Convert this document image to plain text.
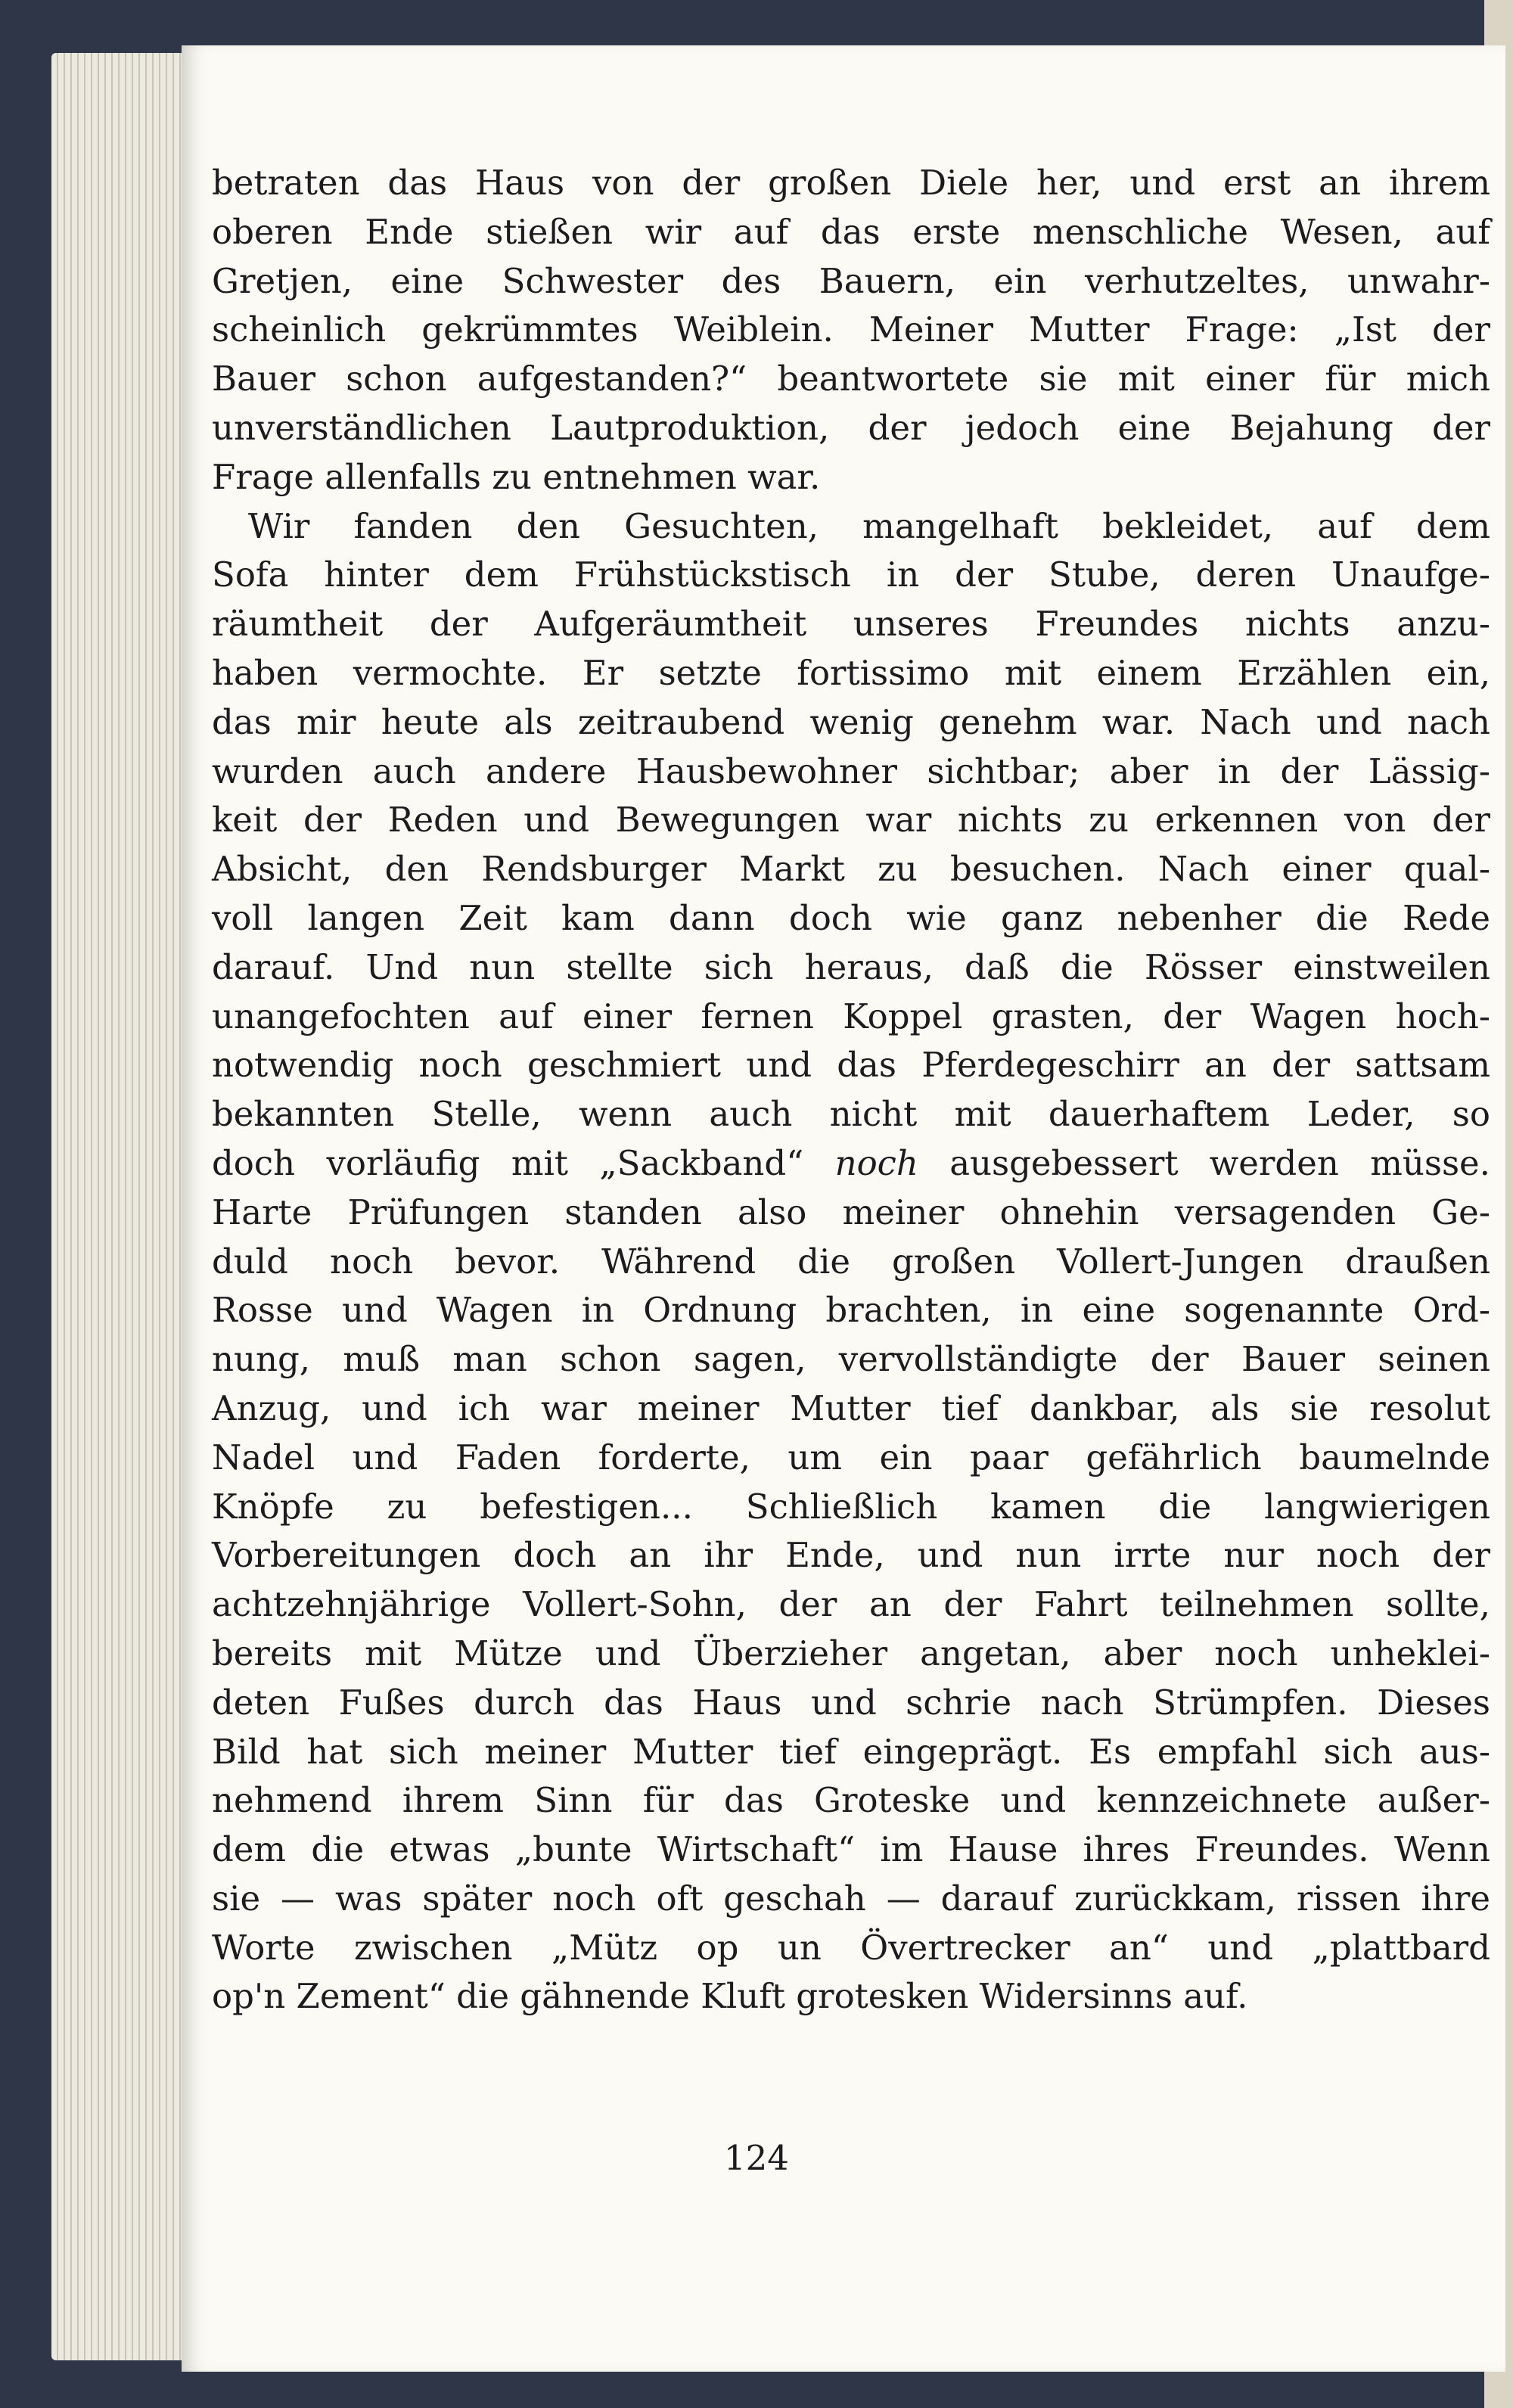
betraten das Haus von der großen Diele her, und erst an ihrem
oberen Ende stießen wir auf das erste menschliche Wesen, auf
Gretjen, eine Schwester des Bauern, ein verhutzeltes, unwahr-
scheinlich gekrümmtes Weiblein. Meiner Mutter Frage: „Ist der
Bauer schon aufgestanden?“ beantwortete sie mit einer für mich
unverständlichen Lautproduktion, der jedoch eine Bejahung der
Frage allenfalls zu entnehmen war.
Wir fanden den Gesuchten, mangelhaft bekleidet, auf dem
Sofa hinter dem Frühstückstisch in der Stube, deren Unaufge-
räumtheit der Aufgeräumtheit unseres Freundes nichts anzu-
haben vermochte. Er setzte fortissimo mit einem Erzählen ein,
das mir heute als zeitraubend wenig genehm war. Nach und nach
wurden auch andere Hausbewohner sichtbar; aber in der Lässig-
keit der Reden und Bewegungen war nichts zu erkennen von der
Absicht, den Rendsburger Markt zu besuchen. Nach einer qual-
voll langen Zeit kam dann doch wie ganz nebenher die Rede
darauf. Und nun stellte sich heraus, daß die Rösser einstweilen
unangefochten auf einer fernen Koppel grasten, der Wagen hoch-
notwendig noch geschmiert und das Pferdegeschirr an der sattsam
bekannten Stelle, wenn auch nicht mit dauerhaftem Leder, so
doch vorläufig mit „Sackband“ noch ausgebessert werden müsse.
Harte Prüfungen standen also meiner ohnehin versagenden Ge-
duld noch bevor. Während die großen Vollert-Jungen draußen
Rosse und Wagen in Ordnung brachten, in eine sogenannte Ord-
nung, muß man schon sagen, vervollständigte der Bauer seinen
Anzug, und ich war meiner Mutter tief dankbar, als sie resolut
Nadel und Faden forderte, um ein paar gefährlich baumelnde
Knöpfe zu befestigen... Schließlich kamen die langwierigen
Vorbereitungen doch an ihr Ende, und nun irrte nur noch der
achtzehnjährige Vollert-Sohn, der an der Fahrt teilnehmen sollte,
bereits mit Mütze und Überzieher angetan, aber noch unheklei-
deten Fußes durch das Haus und schrie nach Strümpfen. Dieses
Bild hat sich meiner Mutter tief eingeprägt. Es empfahl sich aus-
nehmend ihrem Sinn für das Groteske und kennzeichnete außer-
dem die etwas „bunte Wirtschaft“ im Hause ihres Freundes. Wenn
sie — was später noch oft geschah — darauf zurückkam, rissen ihre
Worte zwischen „Mütz op un Övertrecker an“ und „plattbard
op'n Zement“ die gähnende Kluft grotesken Widersinns auf.
124
